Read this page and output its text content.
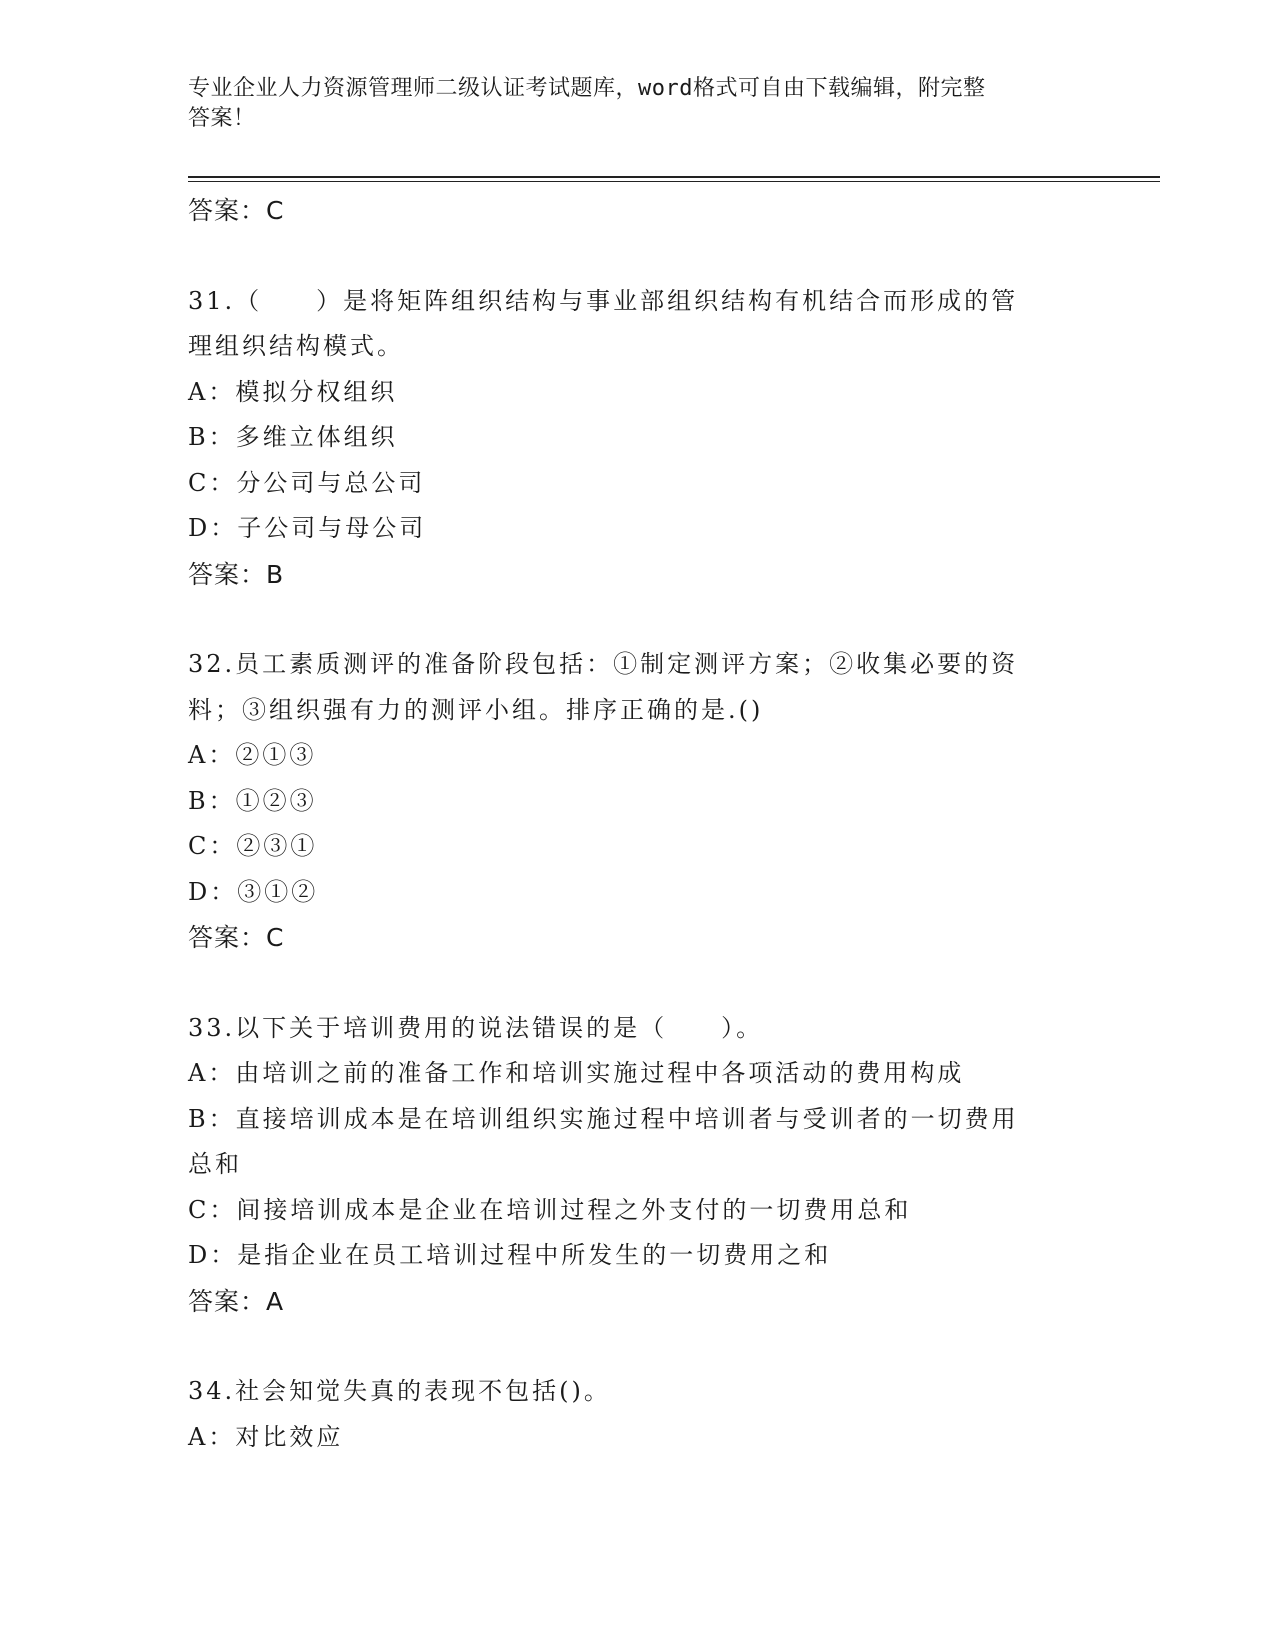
专业企业人力资源管理师二级认证考试题库，word格式可自由下载编辑，附完整
答案！
答案：C
31.（　　）是将矩阵组织结构与事业部组织结构有机结合而形成的管
理组织结构模式。
A：模拟分权组织
B：多维立体组织
C：分公司与总公司
D：子公司与母公司
答案：B
32.员工素质测评的准备阶段包括：①制定测评方案；②收集必要的资
料；③组织强有力的测评小组。排序正确的是.()
A：②①③
B：①②③
C：②③①
D：③①②
答案：C
33.以下关于培训费用的说法错误的是（　　）。
A：由培训之前的准备工作和培训实施过程中各项活动的费用构成
B：直接培训成本是在培训组织实施过程中培训者与受训者的一切费用
总和
C：间接培训成本是企业在培训过程之外支付的一切费用总和
D：是指企业在员工培训过程中所发生的一切费用之和
答案：A
34.社会知觉失真的表现不包括()。
A：对比效应
